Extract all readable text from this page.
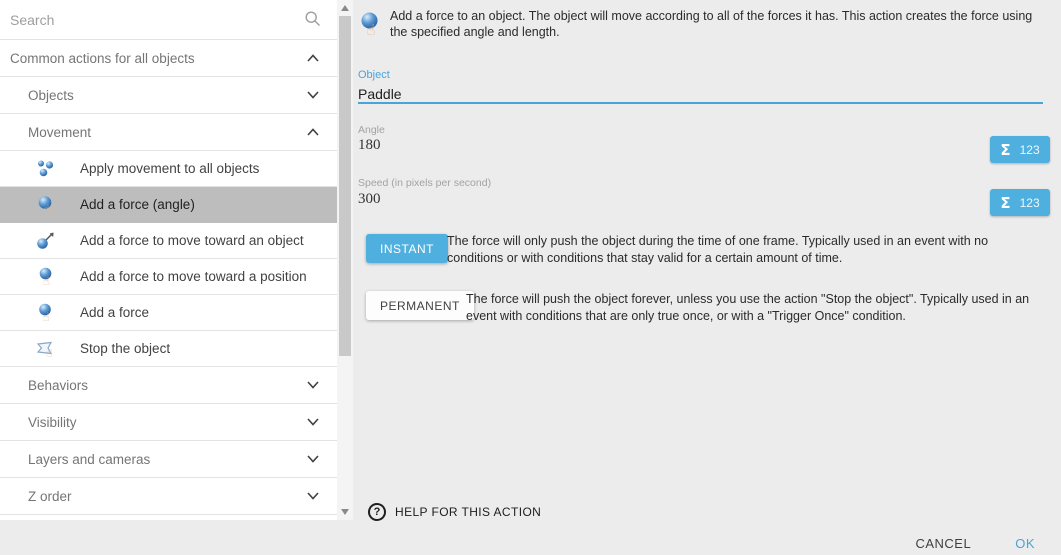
Search
Common actions for all objects
Objects
Movement
Apply movement to all objects
☝ Add a force (angle)
Add a force to move toward an object
☝ Add a force to move toward a position
☝ Add a force
☝ Stop the object
Behaviors
Visibility
Layers and cameras
Z order
☝

Add a force to an object. The object will move according to all of the forces it has. This action creates the force using the specified angle and length.

Object
Paddle
Angle
180	Σ 123
Speed (in pixels per second)
300	Σ 123
INSTANT

The force will only push the object during the time of one frame. Typically used in an event with no conditions or with conditions that stay valid for a certain amount of time.

PERMANENT The force will push the object forever, unless you use the action "Stop the object". Typically used in an event with conditions that are only true once, or with a "Trigger Once" condition.

?	HELP FOR THIS ACTION
CANCEL	OK
